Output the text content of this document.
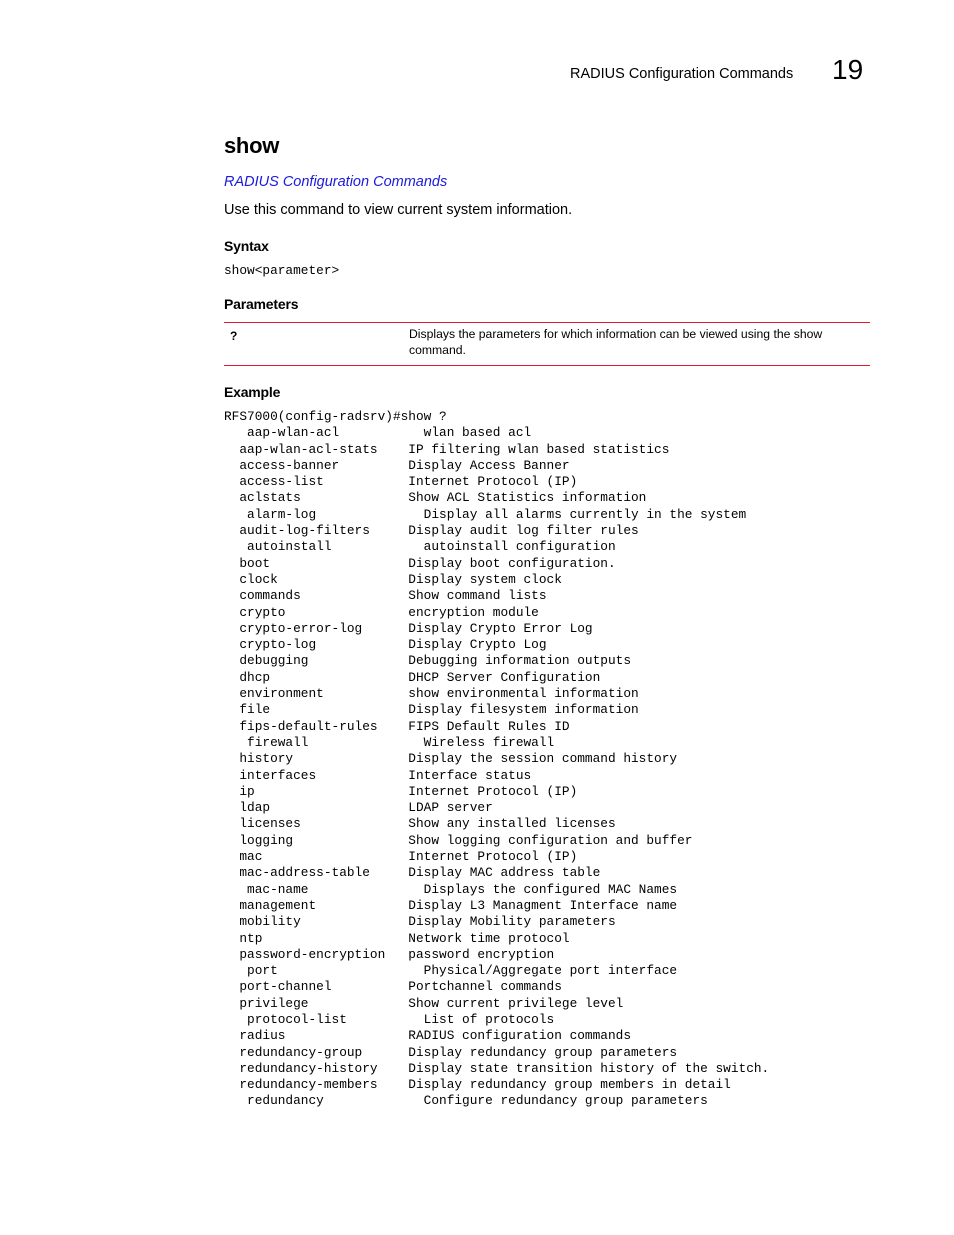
RADIUS Configuration Commands 19
show
RADIUS Configuration Commands
Use this command to view current system information.
Syntax
show<parameter>
Parameters
?	Displays the parameters for which information can be viewed using the show command.
Example
RFS7000(config-radsrv)#show ?
aap-wlan-acl           wlan based acl
aap-wlan-acl-stats    IP filtering wlan based statistics
access-banner         Display Access Banner
access-list           Internet Protocol (IP)
aclstats              Show ACL Statistics information
alarm-log              Display all alarms currently in the system
audit-log-filters     Display audit log filter rules
autoinstall            autoinstall configuration
boot                  Display boot configuration.
clock                 Display system clock
commands              Show command lists
crypto                encryption module
crypto-error-log      Display Crypto Error Log
crypto-log            Display Crypto Log
debugging             Debugging information outputs
dhcp                  DHCP Server Configuration
environment           show environmental information
file                  Display filesystem information
fips-default-rules    FIPS Default Rules ID
firewall               Wireless firewall
history               Display the session command history
interfaces            Interface status
ip                    Internet Protocol (IP)
ldap                  LDAP server
licenses              Show any installed licenses
logging               Show logging configuration and buffer
mac                   Internet Protocol (IP)
mac-address-table     Display MAC address table
mac-name               Displays the configured MAC Names
management            Display L3 Managment Interface name
mobility              Display Mobility parameters
ntp                   Network time protocol
password-encryption   password encryption
port                   Physical/Aggregate port interface
port-channel          Portchannel commands
privilege             Show current privilege level
protocol-list          List of protocols
radius                RADIUS configuration commands
redundancy-group      Display redundancy group parameters
redundancy-history    Display state transition history of the switch.
redundancy-members    Display redundancy group members in detail
redundancy             Configure redundancy group parameters
